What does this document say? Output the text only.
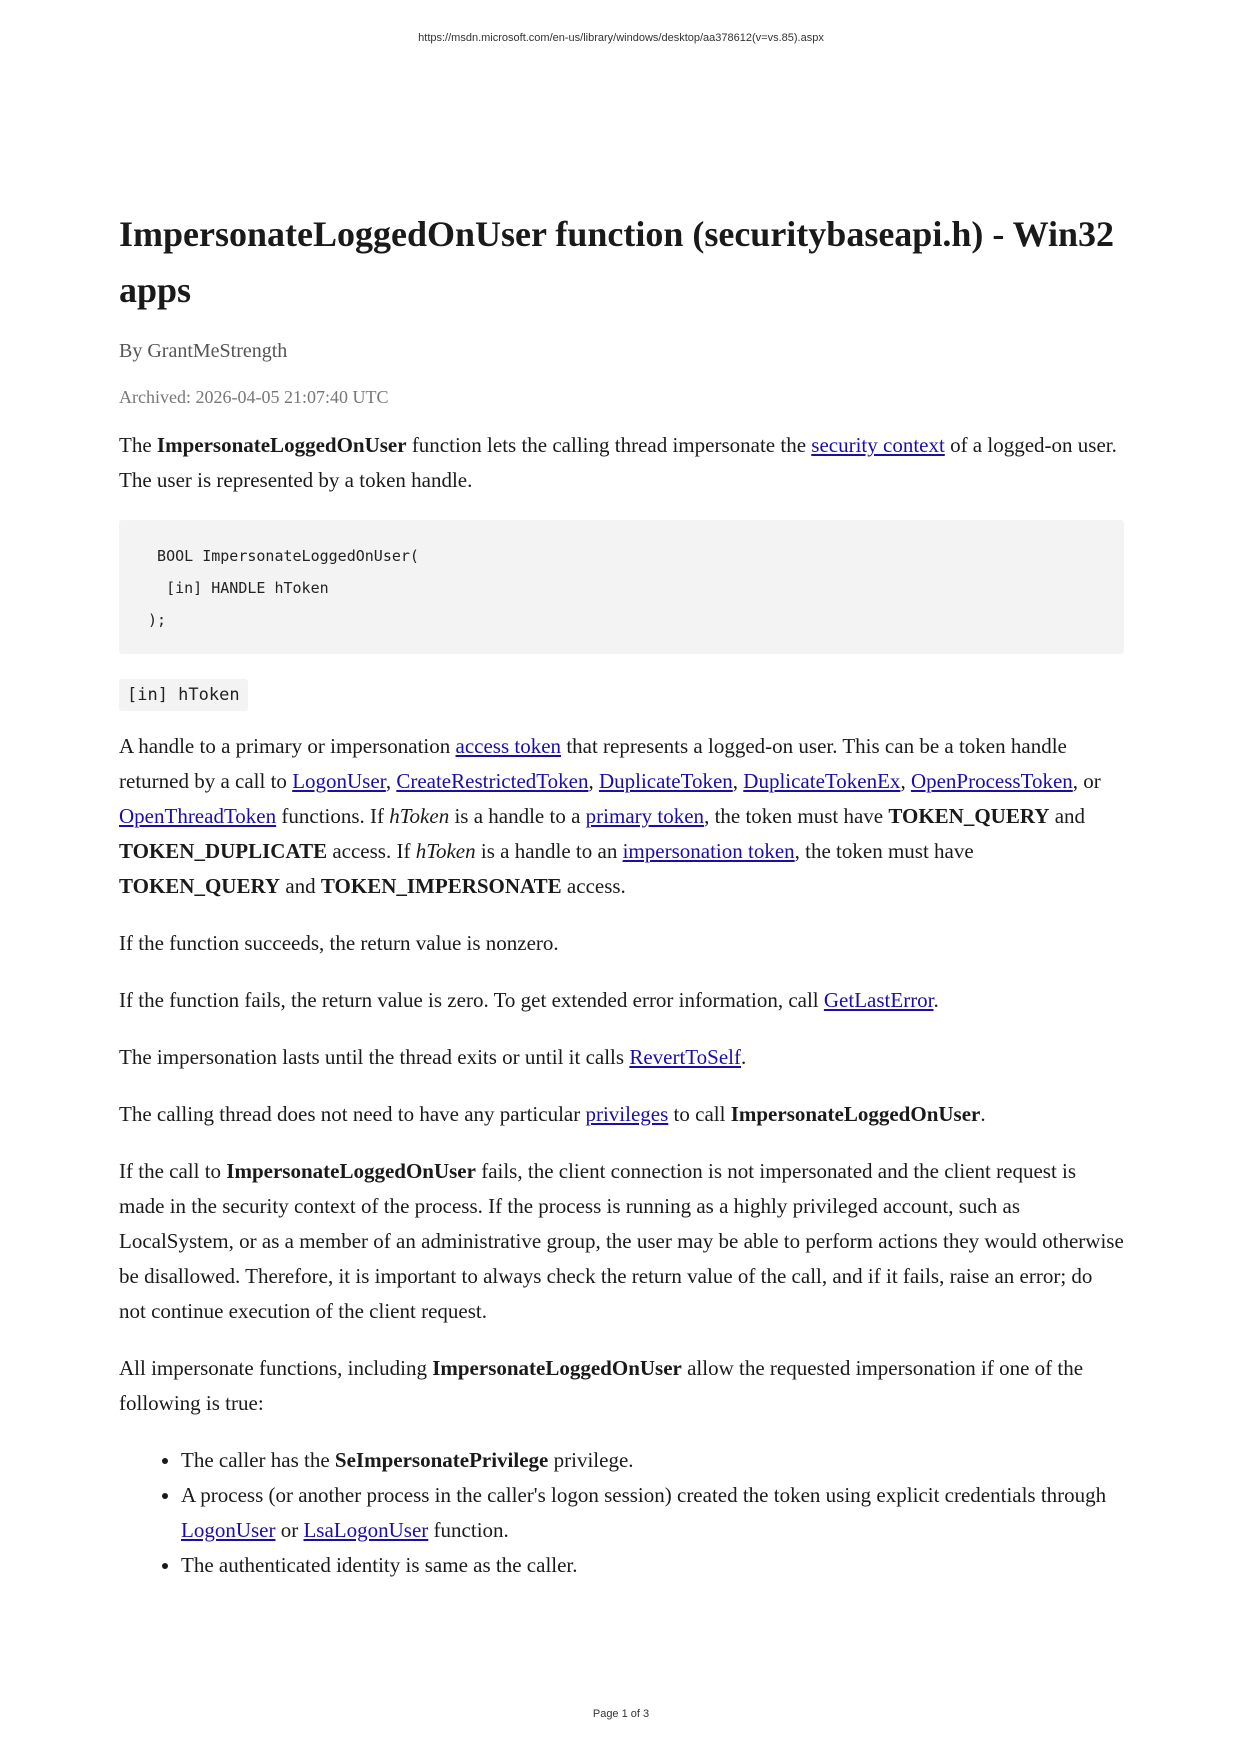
https://msdn.microsoft.com/en-us/library/windows/desktop/aa378612(v=vs.85).aspx
ImpersonateLoggedOnUser function (securitybaseapi.h) - Win32 apps
By GrantMeStrength
Archived: 2026-04-05 21:07:40 UTC

The ImpersonateLoggedOnUser function lets the calling thread impersonate the security context of a logged-on user. The user is represented by a token handle.

BOOL ImpersonateLoggedOnUser(
[in] HANDLE hToken
);
[in] hToken

A handle to a primary or impersonation access token that represents a logged-on user. This can be a token handle returned by a call to LogonUser, CreateRestrictedToken, DuplicateToken, DuplicateTokenEx, OpenProcessToken, or OpenThreadToken functions. If hToken is a handle to a primary token, the token must have TOKEN_QUERY and TOKEN_DUPLICATE access. If hToken is a handle to an impersonation token, the token must have TOKEN_QUERY and TOKEN_IMPERSONATE access.

If the function succeeds, the return value is nonzero.

If the function fails, the return value is zero. To get extended error information, call GetLastError.

The impersonation lasts until the thread exits or until it calls RevertToSelf.

The calling thread does not need to have any particular privileges to call ImpersonateLoggedOnUser.

If the call to ImpersonateLoggedOnUser fails, the client connection is not impersonated and the client request is made in the security context of the process. If the process is running as a highly privileged account, such as LocalSystem, or as a member of an administrative group, the user may be able to perform actions they would otherwise be disallowed. Therefore, it is important to always check the return value of the call, and if it fails, raise an error; do not continue execution of the client request.

All impersonate functions, including ImpersonateLoggedOnUser allow the requested impersonation if one of the following is true:

• The caller has the SeImpersonatePrivilege privilege.
• A process (or another process in the caller's logon session) created the token using explicit credentials through LogonUser or LsaLogonUser function.
• The authenticated identity is same as the caller.
Page 1 of 3
